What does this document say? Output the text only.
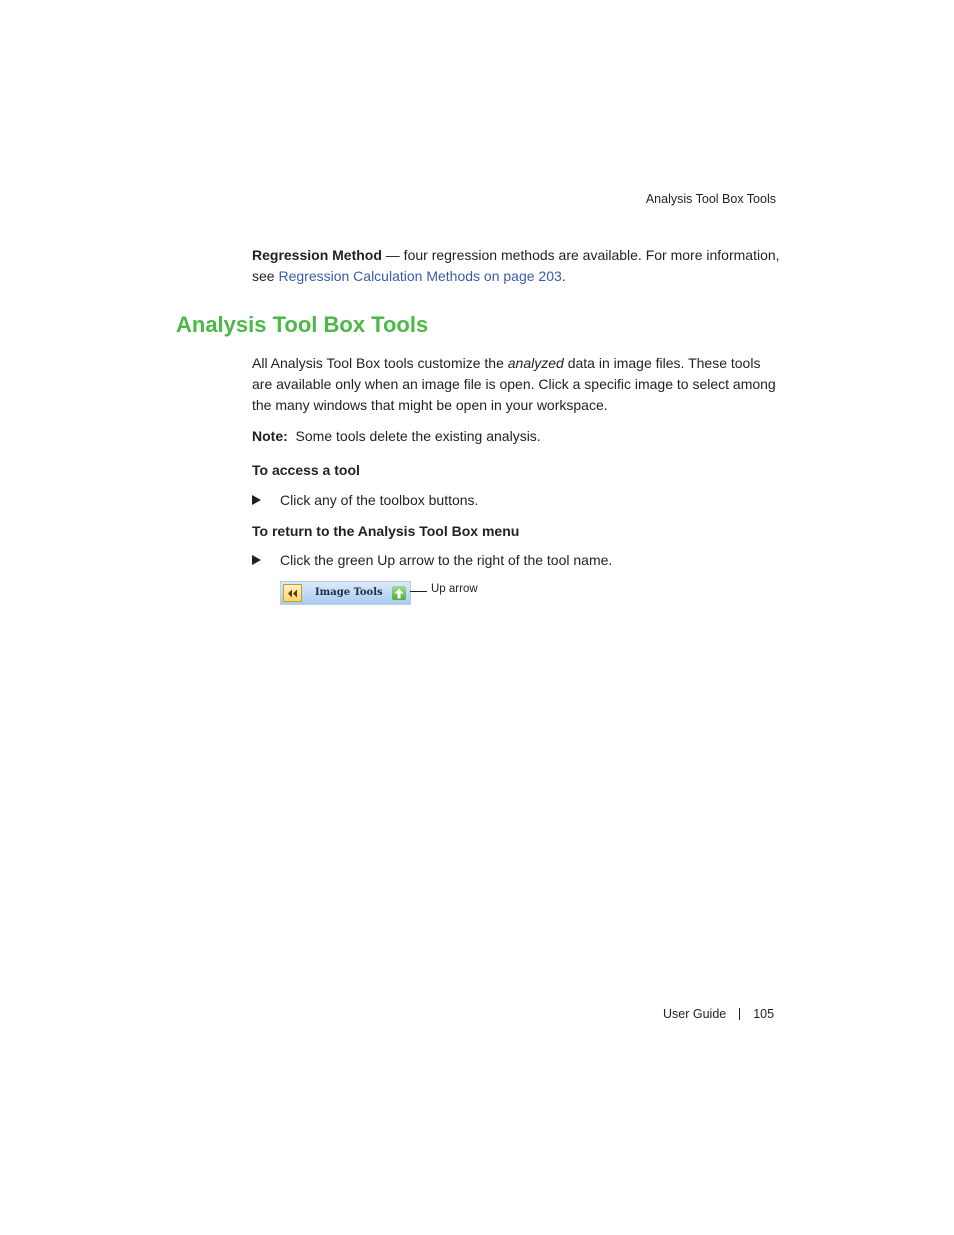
Analysis Tool Box Tools
Regression Method — four regression methods are available. For more information, see Regression Calculation Methods on page 203.
Analysis Tool Box Tools
All Analysis Tool Box tools customize the analyzed data in image files. These tools are available only when an image file is open. Click a specific image to select among the many windows that might be open in your workspace.
Note:  Some tools delete the existing analysis.
To access a tool
Click any of the toolbox buttons.
To return to the Analysis Tool Box menu
Click the green Up arrow to the right of the tool name.
Image Tools	Up arrow
User Guide 105
